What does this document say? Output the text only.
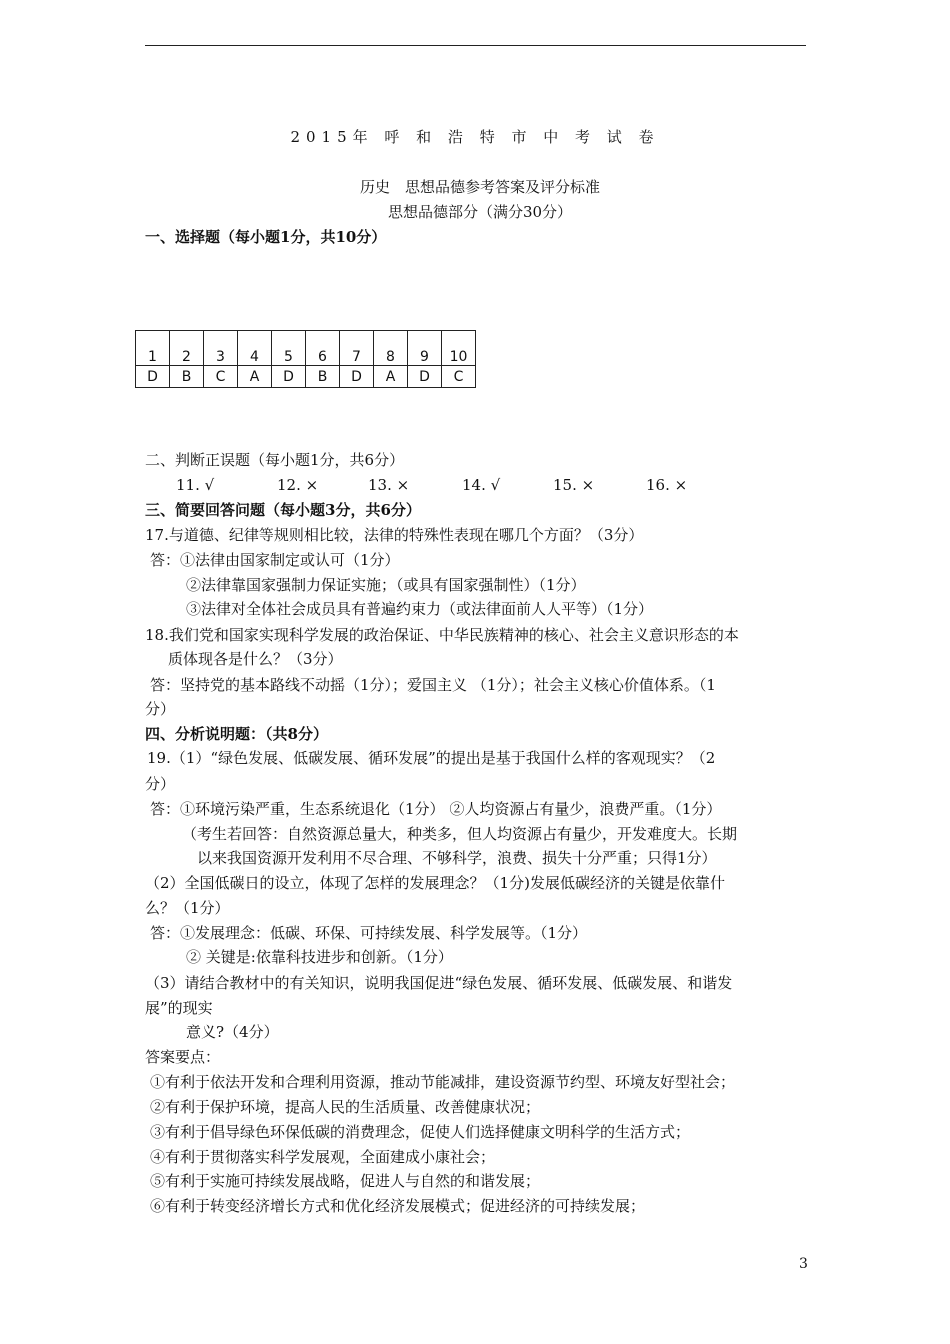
2015年 呼 和 浩 特 市 中 考 试 卷
历史　思想品德参考答案及评分标准
思想品德部分（满分30分）
一、选择题（每小题1分，共10分）
1	2	3	4	5	6	7	8	9	10
D	B	C	A	D	B	D	A	D	C
二、判断正误题（每小题1分，共6分）
11. √	12. ×	13. ×	14. √	15. ×	16. ×
三、简要回答问题（每小题3分，共6分）
17.与道德、纪律等规则相比较，法律的特殊性表现在哪几个方面？（3分）
答：①法律由国家制定或认可（1分）
②法律靠国家强制力保证实施；（或具有国家强制性）（1分）
③法律对全体社会成员具有普遍约束力（或法律面前人人平等）（1分）
18.我们党和国家实现科学发展的政治保证、中华民族精神的核心、社会主义意识形态的本
质体现各是什么？（3分）
答：坚持党的基本路线不动摇（1分）；爱国主义 （1分）；社会主义核心价值体系。（1
分）
四、分析说明题：（共8分）
19.（1）“绿色发展、低碳发展、循环发展”的提出是基于我国什么样的客观现实？（2
分）
答：①环境污染严重，生态系统退化（1分） ②人均资源占有量少，浪费严重。（1分）
（考生若回答：自然资源总量大，种类多，但人均资源占有量少，开发难度大。长期
以来我国资源开发利用不尽合理、不够科学，浪费、损失十分严重；只得1分）
（2）全国低碳日的设立，体现了怎样的发展理念？（1分)发展低碳经济的关键是依靠什
么？（1分）
答：①发展理念：低碳、环保、可持续发展、科学发展等。（1分）
② 关键是:依靠科技进步和创新。（1分）
（3）请结合教材中的有关知识，说明我国促进“绿色发展、循环发展、低碳发展、和谐发
展”的现实
意义?（4分）
答案要点：
①有利于依法开发和合理利用资源，推动节能减排，建设资源节约型、环境友好型社会；
②有利于保护环境，提高人民的生活质量、改善健康状况；
③有利于倡导绿色环保低碳的消费理念，促使人们选择健康文明科学的生活方式；
④有利于贯彻落实科学发展观，全面建成小康社会；
⑤有利于实施可持续发展战略，促进人与自然的和谐发展；
⑥有利于转变经济增长方式和优化经济发展模式；促进经济的可持续发展；
3
